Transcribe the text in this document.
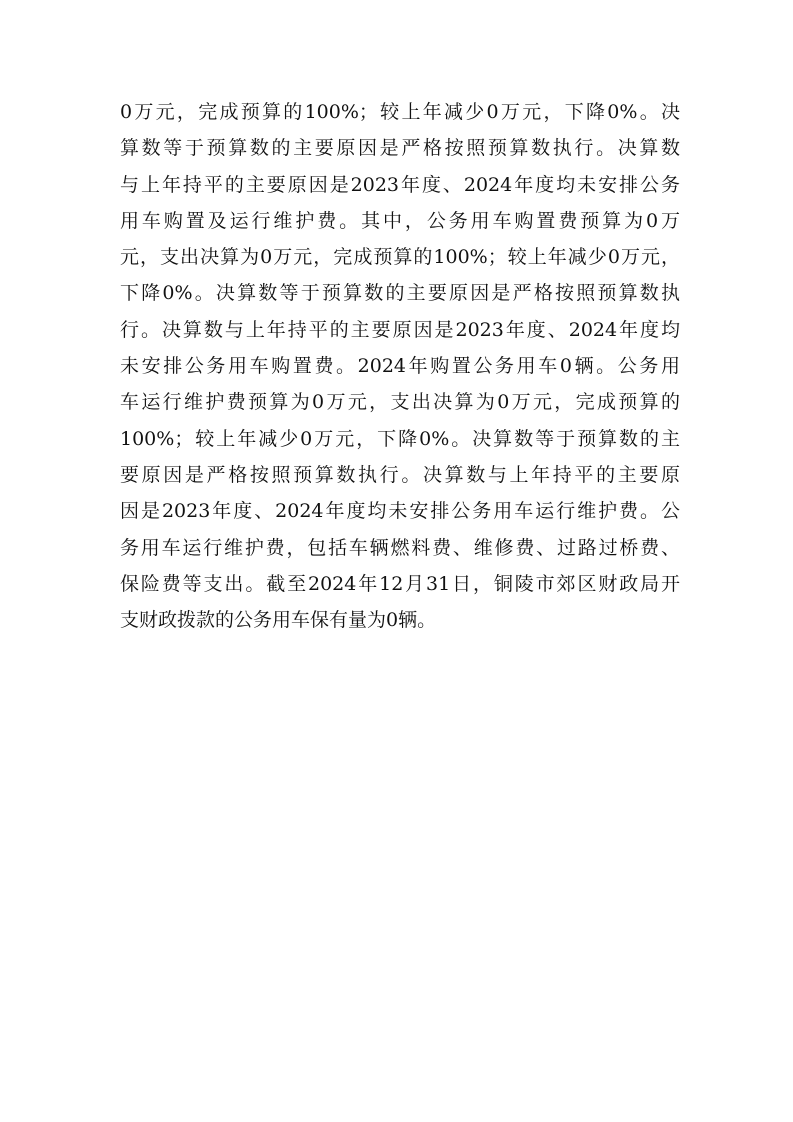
0万元，完成预算的100%；较上年减少0万元，下降0%。决
算数等于预算数的主要原因是严格按照预算数执行。决算数
与上年持平的主要原因是2023年度、2024年度均未安排公务
用车购置及运行维护费。其中，公务用车购置费预算为0万
元，支出决算为0万元，完成预算的100%；较上年减少0万元，
下降0%。决算数等于预算数的主要原因是严格按照预算数执
行。决算数与上年持平的主要原因是2023年度、2024年度均
未安排公务用车购置费。2024年购置公务用车0辆。公务用
车运行维护费预算为0万元，支出决算为0万元，完成预算的
100%；较上年减少0万元，下降0%。决算数等于预算数的主
要原因是严格按照预算数执行。决算数与上年持平的主要原
因是2023年度、2024年度均未安排公务用车运行维护费。公
务用车运行维护费，包括车辆燃料费、维修费、过路过桥费、
保险费等支出。截至2024年12月31日，铜陵市郊区财政局开
支财政拨款的公务用车保有量为0辆。
